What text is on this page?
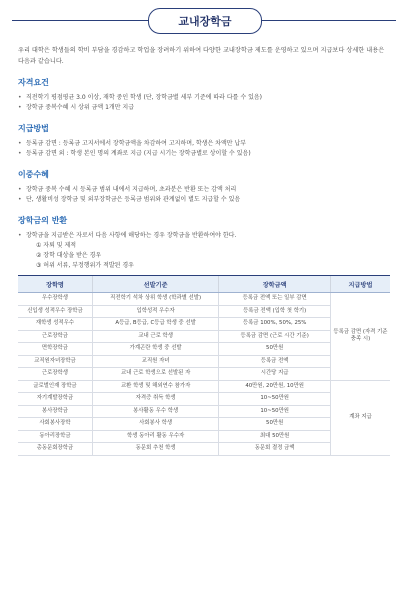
교내장학금

우리 대학은 학생들의 학비 부담을 경감하고 학업을 장려하기 위하여 다양한 교내장학금 제도를 운영하고 있으며 지급보다 상세한 내용은 다음과 같습니다.

자격요건
• 직전학기 평점평균 3.0 이상, 재학 중인 학생 (단, 장학금별 세부 기준에 따라 다를 수 있음)
• 장학금 중복수혜 시 상위 금액 1개만 지급
지급방법
• 등록금 감면 : 등록금 고지서에서 장학금액을 차감하여 고지하며, 학생은 차액만 납부
• 등록금 감면 외 : 학생 본인 명의 계좌로 지급 (지급 시기는 장학금별로 상이할 수 있음)
이중수혜
• 장학금 중복 수혜 시 등록금 범위 내에서 지급하며, 초과분은 반환 또는 감액 처리
• 단, 생활비성 장학금 및 외부장학금은 등록금 범위와 관계없이 별도 지급할 수 있음
장학금의 반환
• 장학금을 지급받은 자로서 다음 사항에 해당하는 경우 장학금을 반환하여야 한다.
① 자퇴 및 제적
② 장학 대상을 받은 경우
③ 허위 서류, 부정행위가 적발된 경우
장학명	선발기준	장학금액	지급방법
우수장학생	직전학기 석차 상위 학생 (학과별 선발)	등록금 전액 또는 일부 감면	등록금 감면 (자격 기준 충족 시)
신입생 성적우수 장학금	입학성적 우수자	등록금 전액 (입학 첫 학기)	
재학생 성적우수	A등급, B등급, C등급 학생 중 선발	등록금 100%, 50%, 25%	
근로장학금	교내 근로 학생	등록금 감면 (근로 시간 기준)	
면학장학금	가계곤란 학생 중 선발	50만원	
교직원자녀장학금	교직원 자녀	등록금 전액	
근로장학생	교내 근로 학생으로 선발된 자	시간당 지급	
글로벌인재 장학금	교환 학생 및 해외연수 참가자	40만원, 20만원, 10만원	계좌 지급
자기계발장학금	자격증 취득 학생	10~50만원	
봉사장학금	봉사활동 우수 학생	10~50만원	
사회봉사장학	사회봉사 학생	50만원	
동아리장학금	학생 동아리 활동 우수자	최대 50만원	
총동문회장학금	동문회 추천 학생	동문회 결정 금액	
